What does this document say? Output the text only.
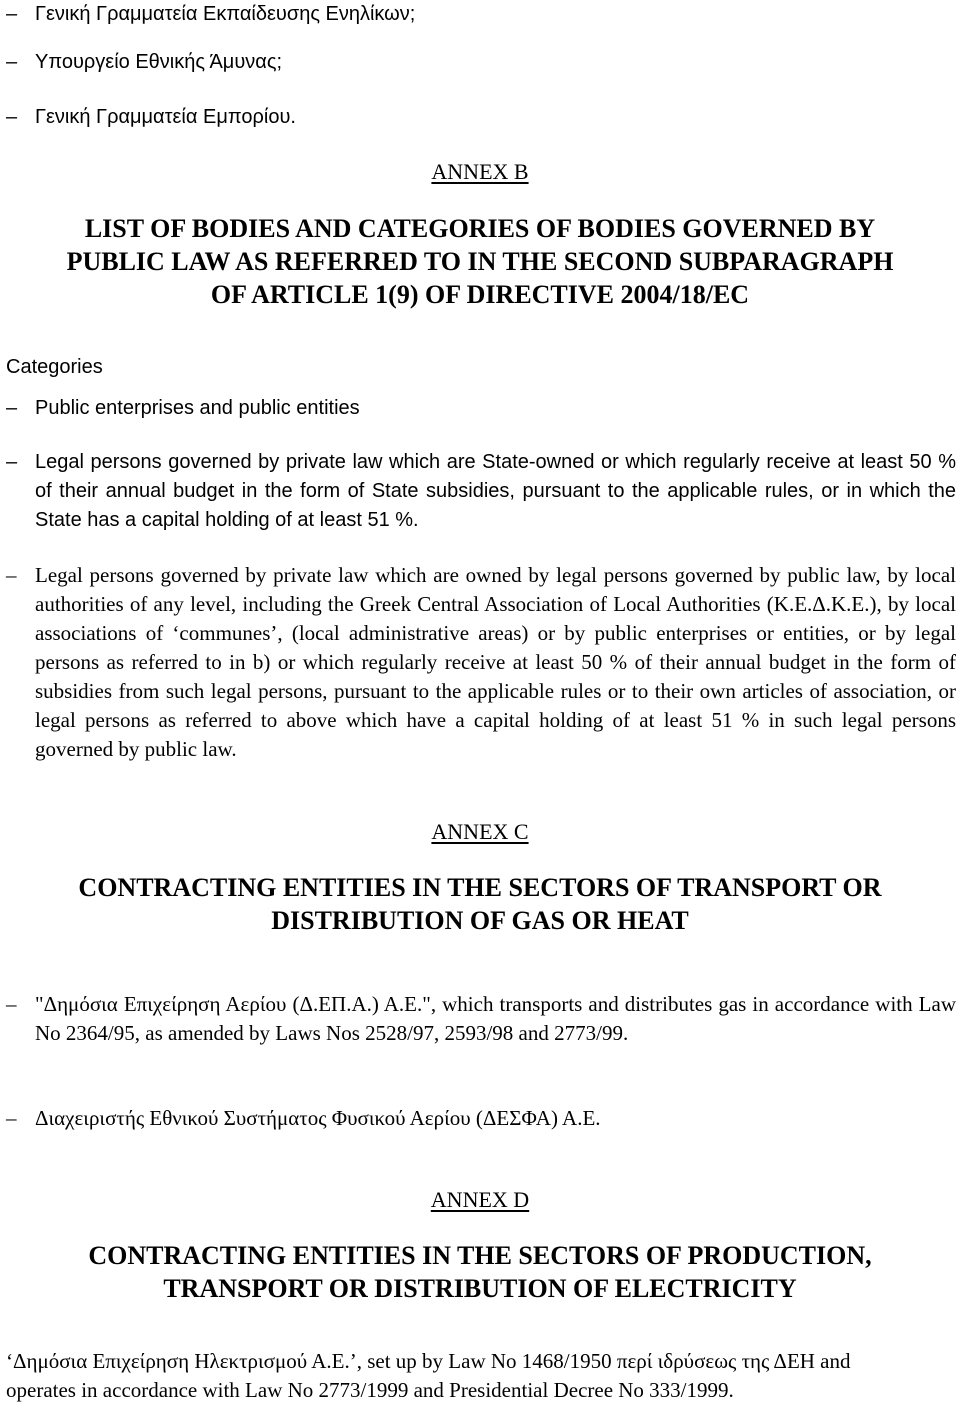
– Γενική Γραμματεία Εκπαίδευσης Ενηλίκων;
– Υπουργείο Εθνικής Άμυνας;
– Γενική Γραμματεία Εμπορίου.
ANNEX B
LIST OF BODIES AND CATEGORIES OF BODIES GOVERNED BY
PUBLIC LAW AS REFERRED TO IN THE SECOND SUBPARAGRAPH
OF ARTICLE 1(9) OF DIRECTIVE 2004/18/EC
Categories
– Public enterprises and public entities
– Legal persons governed by private law which are State-owned or which regularly receive at least 50 % of their annual budget in the form of State subsidies, pursuant to the applicable rules, or in which the State has a capital holding of at least 51 %.
– Legal persons governed by private law which are owned by legal persons governed by public law, by local authorities of any level, including the Greek Central Association of Local Authorities (Κ.Ε.Δ.Κ.Ε.), by local associations of ‘communes’, (local administrative areas) or by public enterprises or entities, or by legal persons as referred to in b) or which regularly receive at least 50 % of their annual budget in the form of subsidies from such legal persons, pursuant to the applicable rules or to their own articles of association, or legal persons as referred to above which have a capital holding of at least 51 % in such legal persons governed by public law.
ANNEX C
CONTRACTING ENTITIES IN THE SECTORS OF TRANSPORT OR
DISTRIBUTION OF GAS OR HEAT
– "Δημόσια Επιχείρηση Αερίου (Δ.ΕΠ.Α.) Α.Ε.", which transports and distributes gas in accordance with Law No 2364/95, as amended by Laws Nos 2528/97, 2593/98 and 2773/99.
– Διαχειριστής Εθνικού Συστήματος Φυσικού Αερίου (ΔΕΣΦΑ) Α.Ε.
ANNEX D
CONTRACTING ENTITIES IN THE SECTORS OF PRODUCTION,
TRANSPORT OR DISTRIBUTION OF ELECTRICITY
‘Δημόσια Επιχείρηση Ηλεκτρισμού Α.Ε.’, set up by Law No 1468/1950 περί ιδρύσεως της ΔΕΗ and operates in accordance with Law No 2773/1999 and Presidential Decree No 333/1999.
